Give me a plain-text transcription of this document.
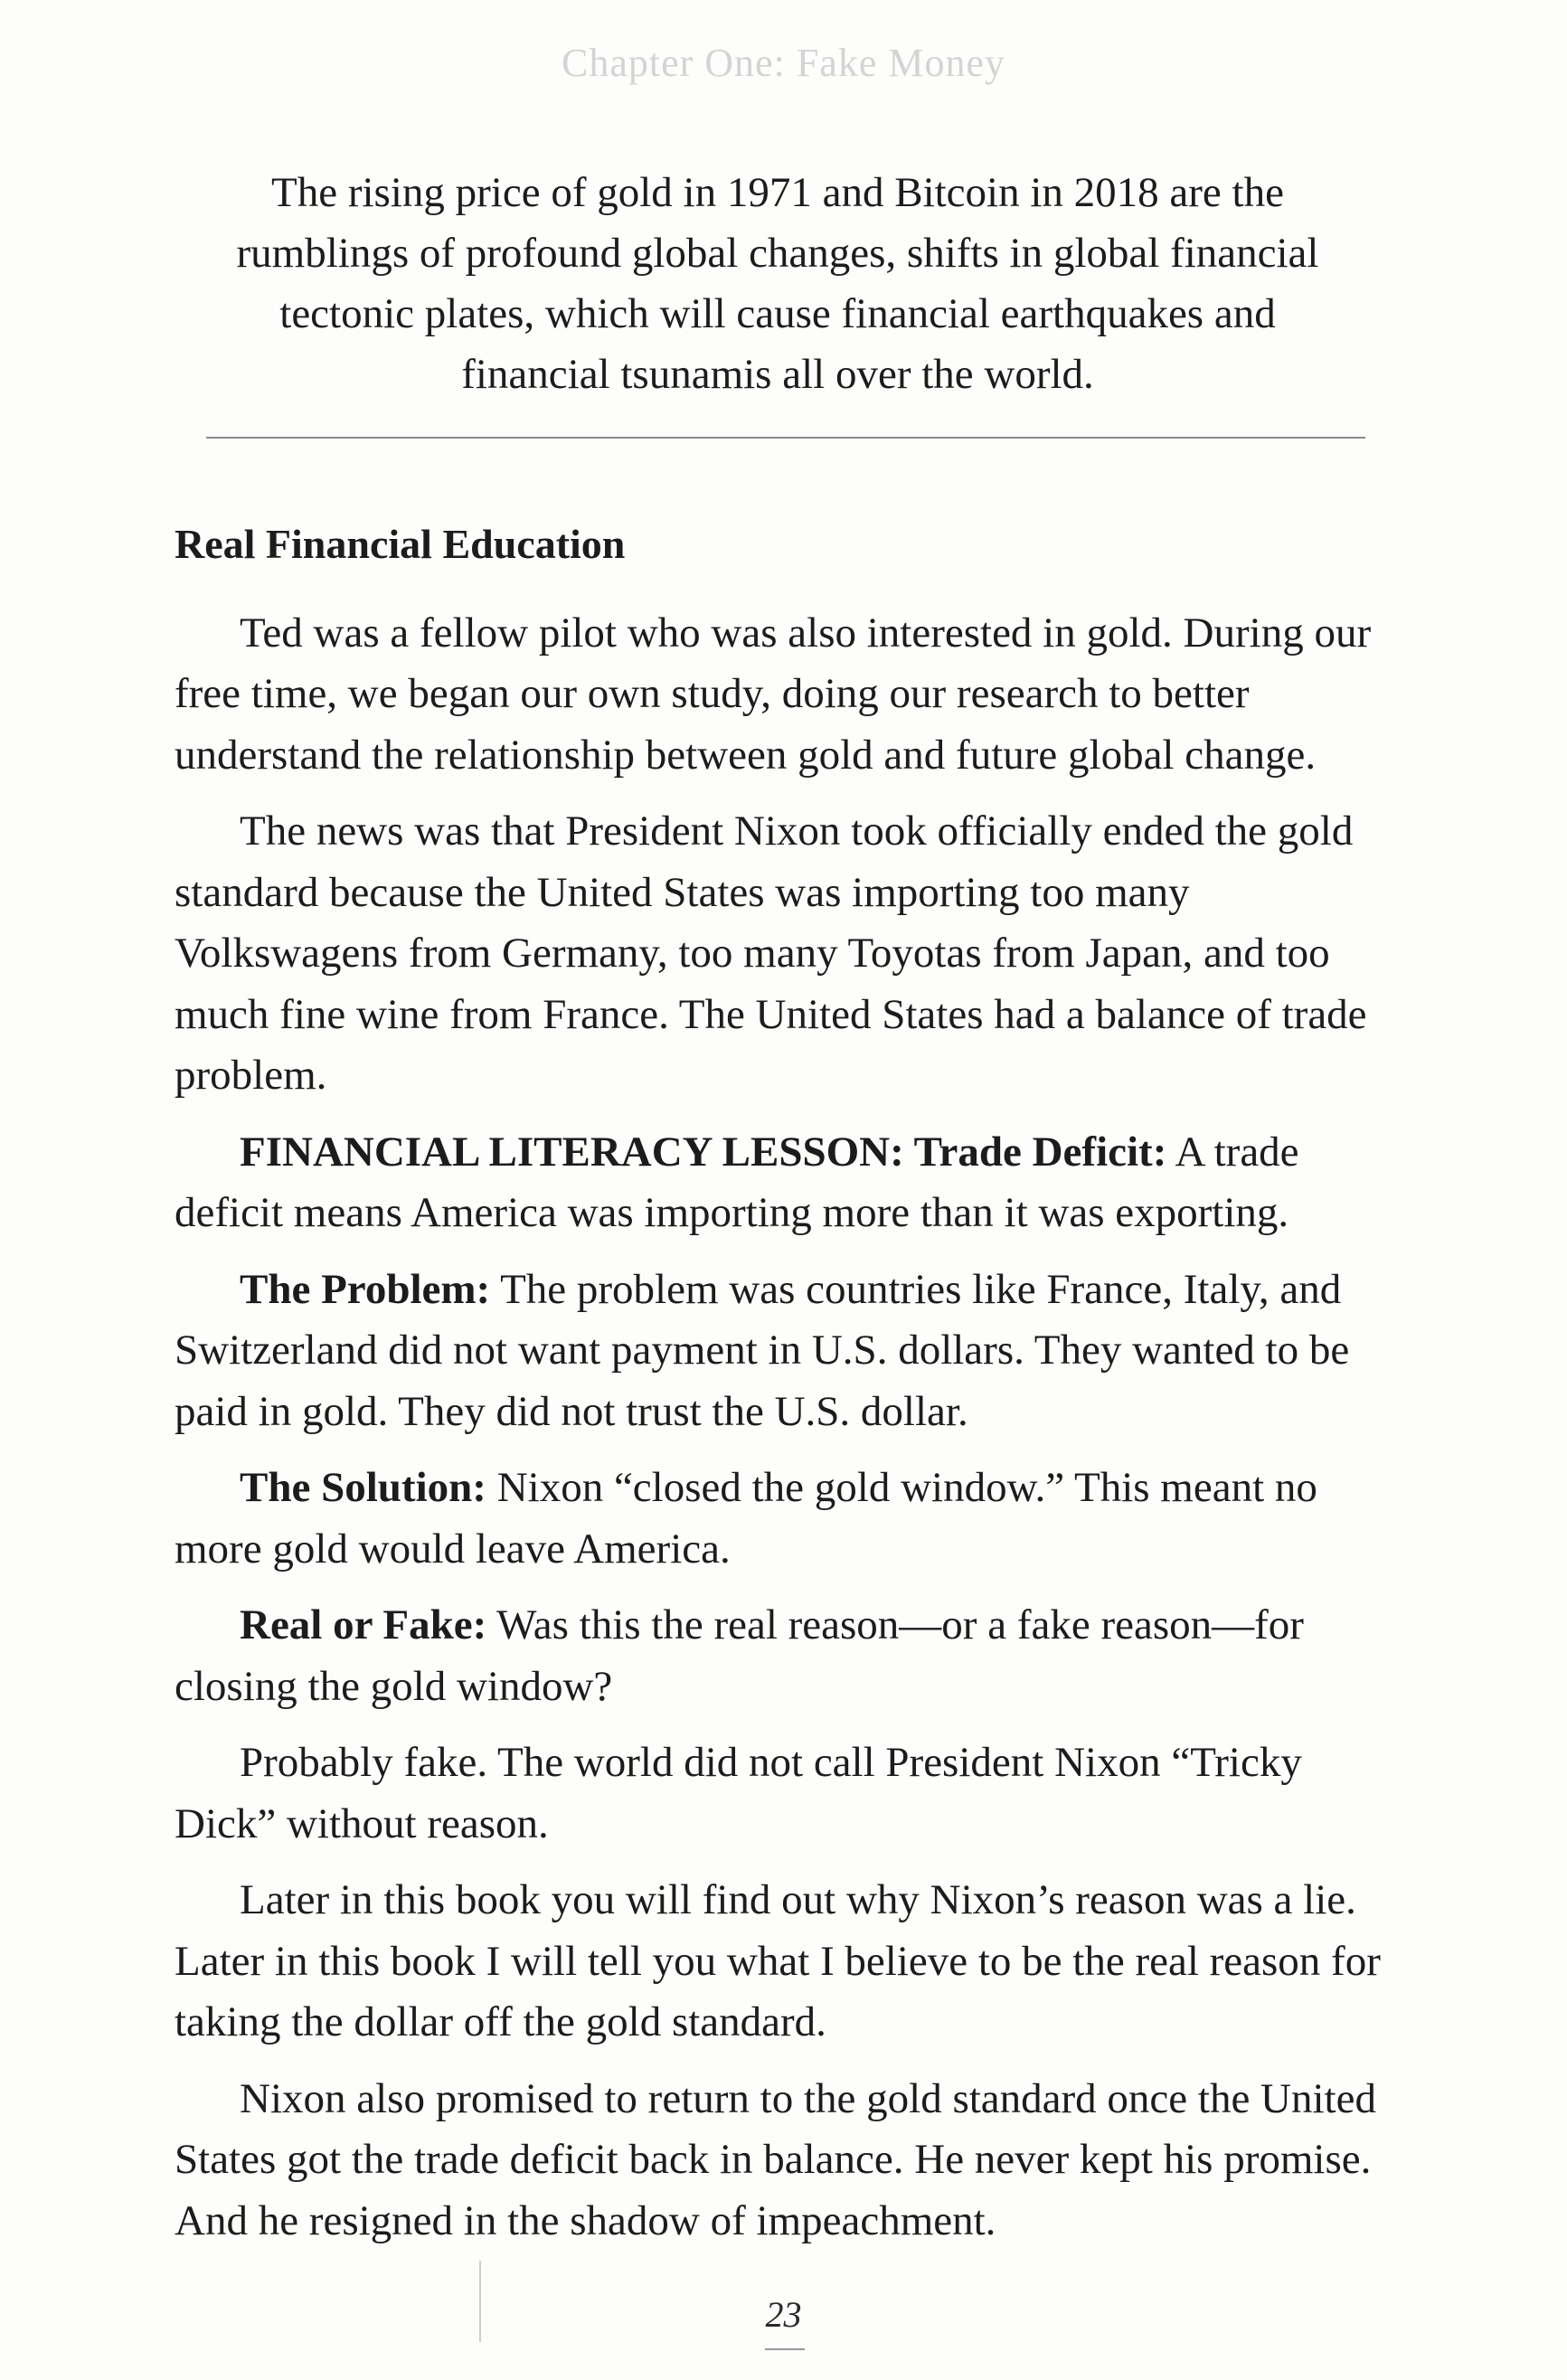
Chapter One: Fake Money
The rising price of gold in 1971 and Bitcoin in 2018 are the rumblings of profound global changes, shifts in global financial tectonic plates, which will cause financial earthquakes and financial tsunamis all over the world.
Real Financial Education

Ted was a fellow pilot who was also interested in gold. During our free time, we began our own study, doing our research to better understand the relationship between gold and future global change.

The news was that President Nixon took officially ended the gold standard because the United States was importing too many Volkswagens from Germany, too many Toyotas from Japan, and too much fine wine from France. The United States had a balance of trade problem.

FINANCIAL LITERACY LESSON: Trade Deficit: A trade deficit means America was importing more than it was exporting.

The Problem: The problem was countries like France, Italy, and Switzerland did not want payment in U.S. dollars. They wanted to be paid in gold. They did not trust the U.S. dollar.

The Solution: Nixon “closed the gold window.” This meant no more gold would leave America.

Real or Fake: Was this the real reason—or a fake reason—for closing the gold window?

Probably fake. The world did not call President Nixon “Tricky Dick” without reason.

Later in this book you will find out why Nixon’s reason was a lie. Later in this book I will tell you what I believe to be the real reason for taking the dollar off the gold standard.

Nixon also promised to return to the gold standard once the United States got the trade deficit back in balance. He never kept his promise. And he resigned in the shadow of impeachment.

23
